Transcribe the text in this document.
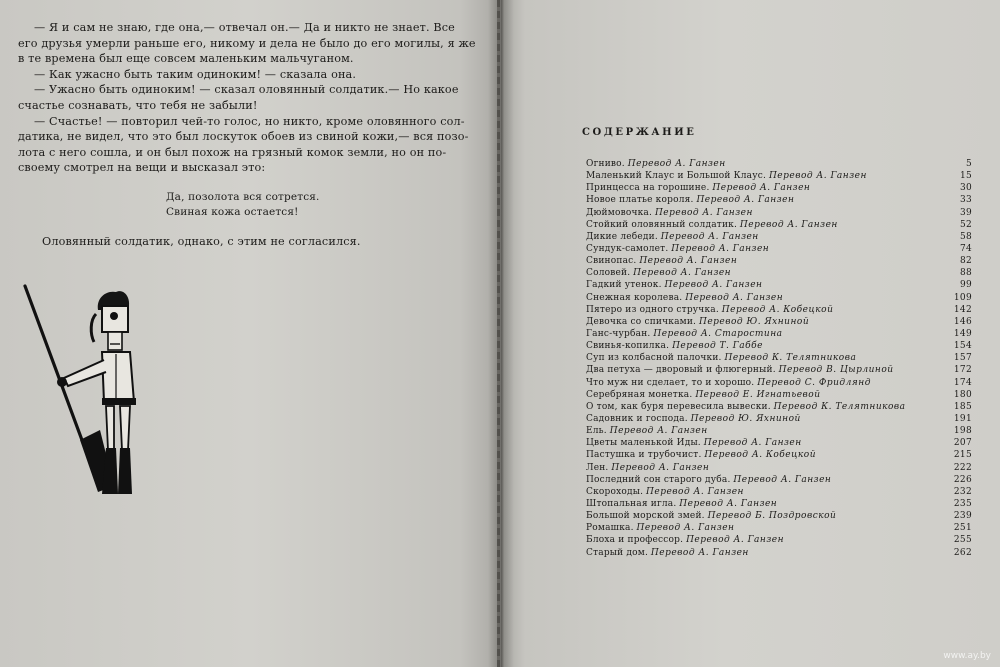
— Я и сам не знаю, где она,— отвечал он.— Да и никто не знает. Все
его друзья умерли раньше его, никому и дела не было до его могилы, я же
в те времена был еще совсем маленьким мальчуганом.

— Как ужасно быть таким одиноким! — сказала она.

— Ужасно быть одиноким! — сказал оловянный солдатик.— Но какое
счастье сознавать, что тебя не забыли!

— Счастье! — повторил чей-то голос, но никто, кроме оловянного сол-
датика, не видел, что это был лоскуток обоев из свиной кожи,— вся позо-
лота с него сошла, и он был похож на грязный комок земли, но он по-
своему смотрел на вещи и высказал это:

Да, позолота вся сотрется.
Свиная кожа остается!

Оловянный солдатик, однако, с этим не согласился.

СОДЕРЖАНИЕ
Огниво. Перевод А. Ганзен	5
Маленький Клаус и Большой Клаус. Перевод А. Ганзен	15
Принцесса на горошине. Перевод А. Ганзен	30
Новое платье короля. Перевод А. Ганзен	33
Дюймовочка. Перевод А. Ганзен	39
Стойкий оловянный солдатик. Перевод А. Ганзен	52
Дикие лебеди. Перевод А. Ганзен	58
Сундук-самолет. Перевод А. Ганзен	74
Свинопас. Перевод А. Ганзен	82
Соловей. Перевод А. Ганзен	88
Гадкий утенок. Перевод А. Ганзен	99
Снежная королева. Перевод А. Ганзен	109
Пятеро из одного стручка. Перевод А. Кобецкой	142
Девочка со спичками. Перевод Ю. Яхниной	146
Ганс-чурбан. Перевод А. Старостина	149
Свинья-копилка. Перевод Т. Габбе	154
Суп из колбасной палочки. Перевод К. Телятникова	157
Два петуха — дворовый и флюгерный. Перевод В. Цырлиной	172
Что муж ни сделает, то и хорошо. Перевод С. Фридлянд	174
Серебряная монетка. Перевод Е. Игнатьевой	180
О том, как буря перевесила вывески. Перевод К. Телятникова	185
Садовник и господа. Перевод Ю. Яхниной	191
Ель. Перевод А. Ганзен	198
Цветы маленькой Иды. Перевод А. Ганзен	207
Пастушка и трубочист. Перевод А. Кобецкой	215
Лен. Перевод А. Ганзен	222
Последний сон старого дуба. Перевод А. Ганзен	226
Скороходы. Перевод А. Ганзен	232
Штопальная игла. Перевод А. Ганзен	235
Большой морской змей. Перевод Б. Поздровской	239
Ромашка. Перевод А. Ганзен	251
Блоха и профессор. Перевод А. Ганзен	255
Старый дом. Перевод А. Ганзен	262
www.ay.by
